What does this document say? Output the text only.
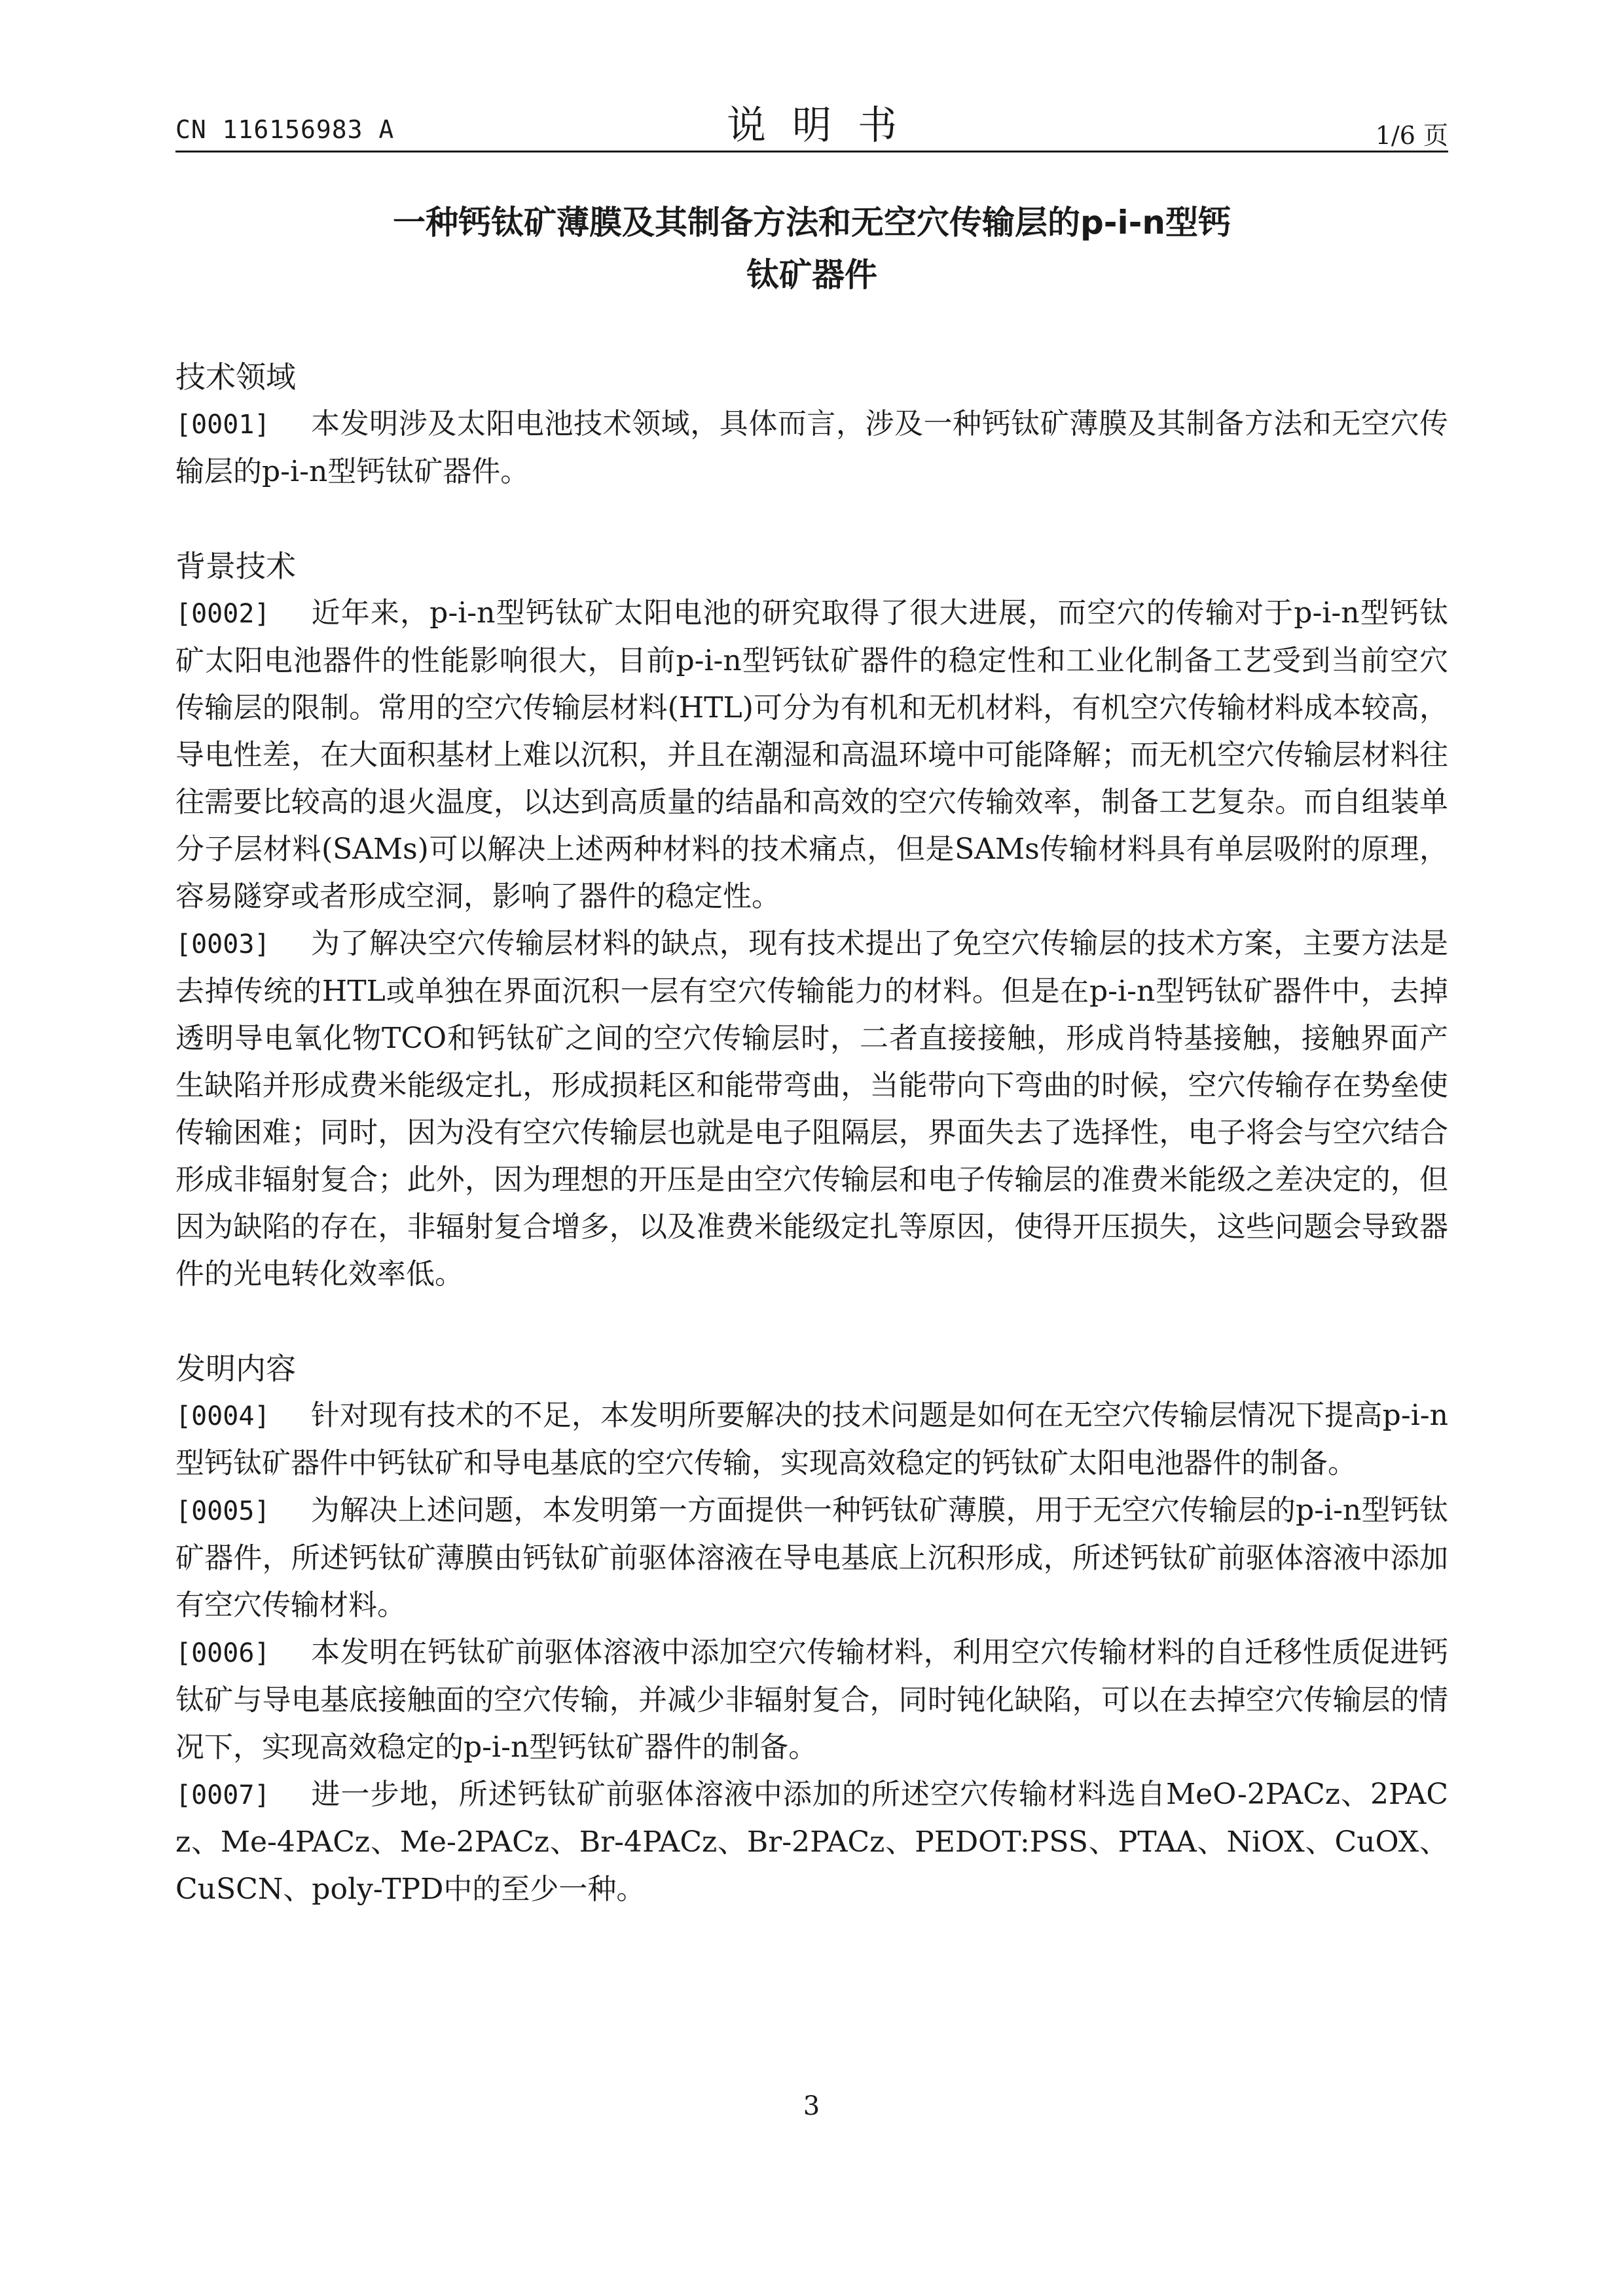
CN 116156983 A	说明书	1/6 页
一种钙钛矿薄膜及其制备方法和无空穴传输层的p-i-n型钙
钛矿器件
技术领域

[0001] 本发明涉及太阳电池技术领域，具体而言，涉及一种钙钛矿薄膜及其制备方法和无空穴传输层的p-i-n型钙钛矿器件。

背景技术

[0002] 近年来，p-i-n型钙钛矿太阳电池的研究取得了很大进展，而空穴的传输对于p-i-n型钙钛矿太阳电池器件的性能影响很大，目前p-i-n型钙钛矿器件的稳定性和工业化制备工艺受到当前空穴传输层的限制。常用的空穴传输层材料(HTL)可分为有机和无机材料，有机空穴传输材料成本较高，导电性差，在大面积基材上难以沉积，并且在潮湿和高温环境中可能降解；而无机空穴传输层材料往往需要比较高的退火温度，以达到高质量的结晶和高效的空穴传输效率，制备工艺复杂。而自组装单分子层材料(SAMs)可以解决上述两种材料的技术痛点，但是SAMs传输材料具有单层吸附的原理，容易隧穿或者形成空洞，影响了器件的稳定性。

[0003] 为了解决空穴传输层材料的缺点，现有技术提出了免空穴传输层的技术方案，主要方法是去掉传统的HTL或单独在界面沉积一层有空穴传输能力的材料。但是在p-i-n型钙钛矿器件中，去掉透明导电氧化物TCO和钙钛矿之间的空穴传输层时，二者直接接触，形成肖特基接触，接触界面产生缺陷并形成费米能级定扎，形成损耗区和能带弯曲，当能带向下弯曲的时候，空穴传输存在势垒使传输困难；同时，因为没有空穴传输层也就是电子阻隔层，界面失去了选择性，电子将会与空穴结合形成非辐射复合；此外，因为理想的开压是由空穴传输层和电子传输层的准费米能级之差决定的，但因为缺陷的存在，非辐射复合增多，以及准费米能级定扎等原因，使得开压损失，这些问题会导致器件的光电转化效率低。

发明内容

[0004] 针对现有技术的不足，本发明所要解决的技术问题是如何在无空穴传输层情况下提高p-i-n型钙钛矿器件中钙钛矿和导电基底的空穴传输，实现高效稳定的钙钛矿太阳电池器件的制备。

[0005] 为解决上述问题，本发明第一方面提供一种钙钛矿薄膜，用于无空穴传输层的p-i-n型钙钛矿器件，所述钙钛矿薄膜由钙钛矿前驱体溶液在导电基底上沉积形成，所述钙钛矿前驱体溶液中添加有空穴传输材料。

[0006] 本发明在钙钛矿前驱体溶液中添加空穴传输材料，利用空穴传输材料的自迁移性质促进钙钛矿与导电基底接触面的空穴传输，并减少非辐射复合，同时钝化缺陷，可以在去掉空穴传输层的情况下，实现高效稳定的p-i-n型钙钛矿器件的制备。

[0007] 进一步地，所述钙钛矿前驱体溶液中添加的所述空穴传输材料选自MeO-2PACz、2PACz、Me-4PACz、Me-2PACz、Br-4PACz、Br-2PACz、PEDOT:PSS、PTAA、NiOX、CuOX、CuSCN、poly-TPD中的至少一种。

3
